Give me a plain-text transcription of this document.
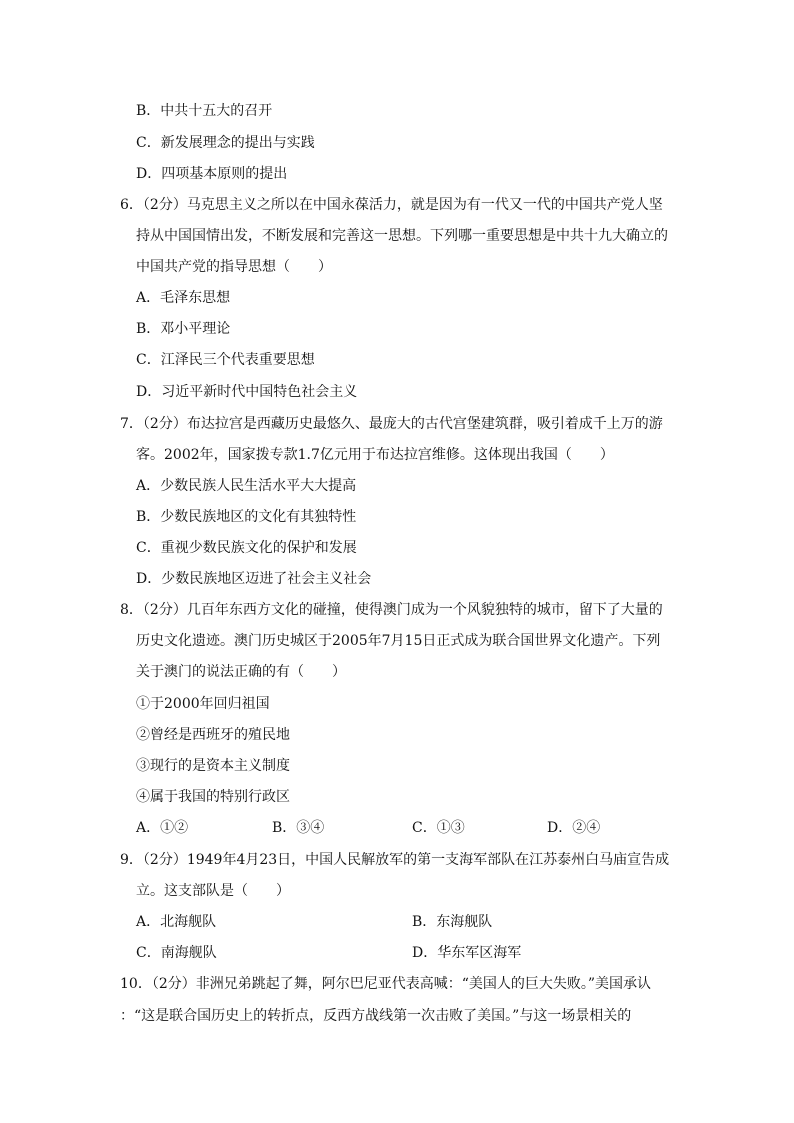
B．中共十五大的召开
C．新发展理念的提出与实践
D．四项基本原则的提出
6．（2分）马克思主义之所以在中国永葆活力，就是因为有一代又一代的中国共产党人坚
持从中国国情出发，不断发展和完善这一思想。下列哪一重要思想是中共十九大确立的
中国共产党的指导思想（　　）
A．毛泽东思想
B．邓小平理论
C．江泽民三个代表重要思想
D．习近平新时代中国特色社会主义
7．（2分）布达拉宫是西藏历史最悠久、最庞大的古代宫堡建筑群，吸引着成千上万的游
客。2002年，国家拨专款1.7亿元用于布达拉宫维修。这体现出我国（　　）
A．少数民族人民生活水平大大提高
B．少数民族地区的文化有其独特性
C．重视少数民族文化的保护和发展
D．少数民族地区迈进了社会主义社会
8．（2分）几百年东西方文化的碰撞，使得澳门成为一个风貌独特的城市，留下了大量的
历史文化遗迹。澳门历史城区于2005年7月15日正式成为联合国世界文化遗产。下列
关于澳门的说法正确的有（　　）
①于2000年回归祖国
②曾经是西班牙的殖民地
③现行的是资本主义制度
④属于我国的特别行政区
A．①②	B．③④	C．①③	D．②④
9．（2分）1949年4月23日，中国人民解放军的第一支海军部队在江苏泰州白马庙宣告成
立。这支部队是（　　）
A．北海舰队	B．东海舰队
C．南海舰队	D．华东军区海军
10．（2分）非洲兄弟跳起了舞，阿尔巴尼亚代表高喊：“美国人的巨大失败。”美国承认
：“这是联合国历史上的转折点，反西方战线第一次击败了美国。”与这一场景相关的
